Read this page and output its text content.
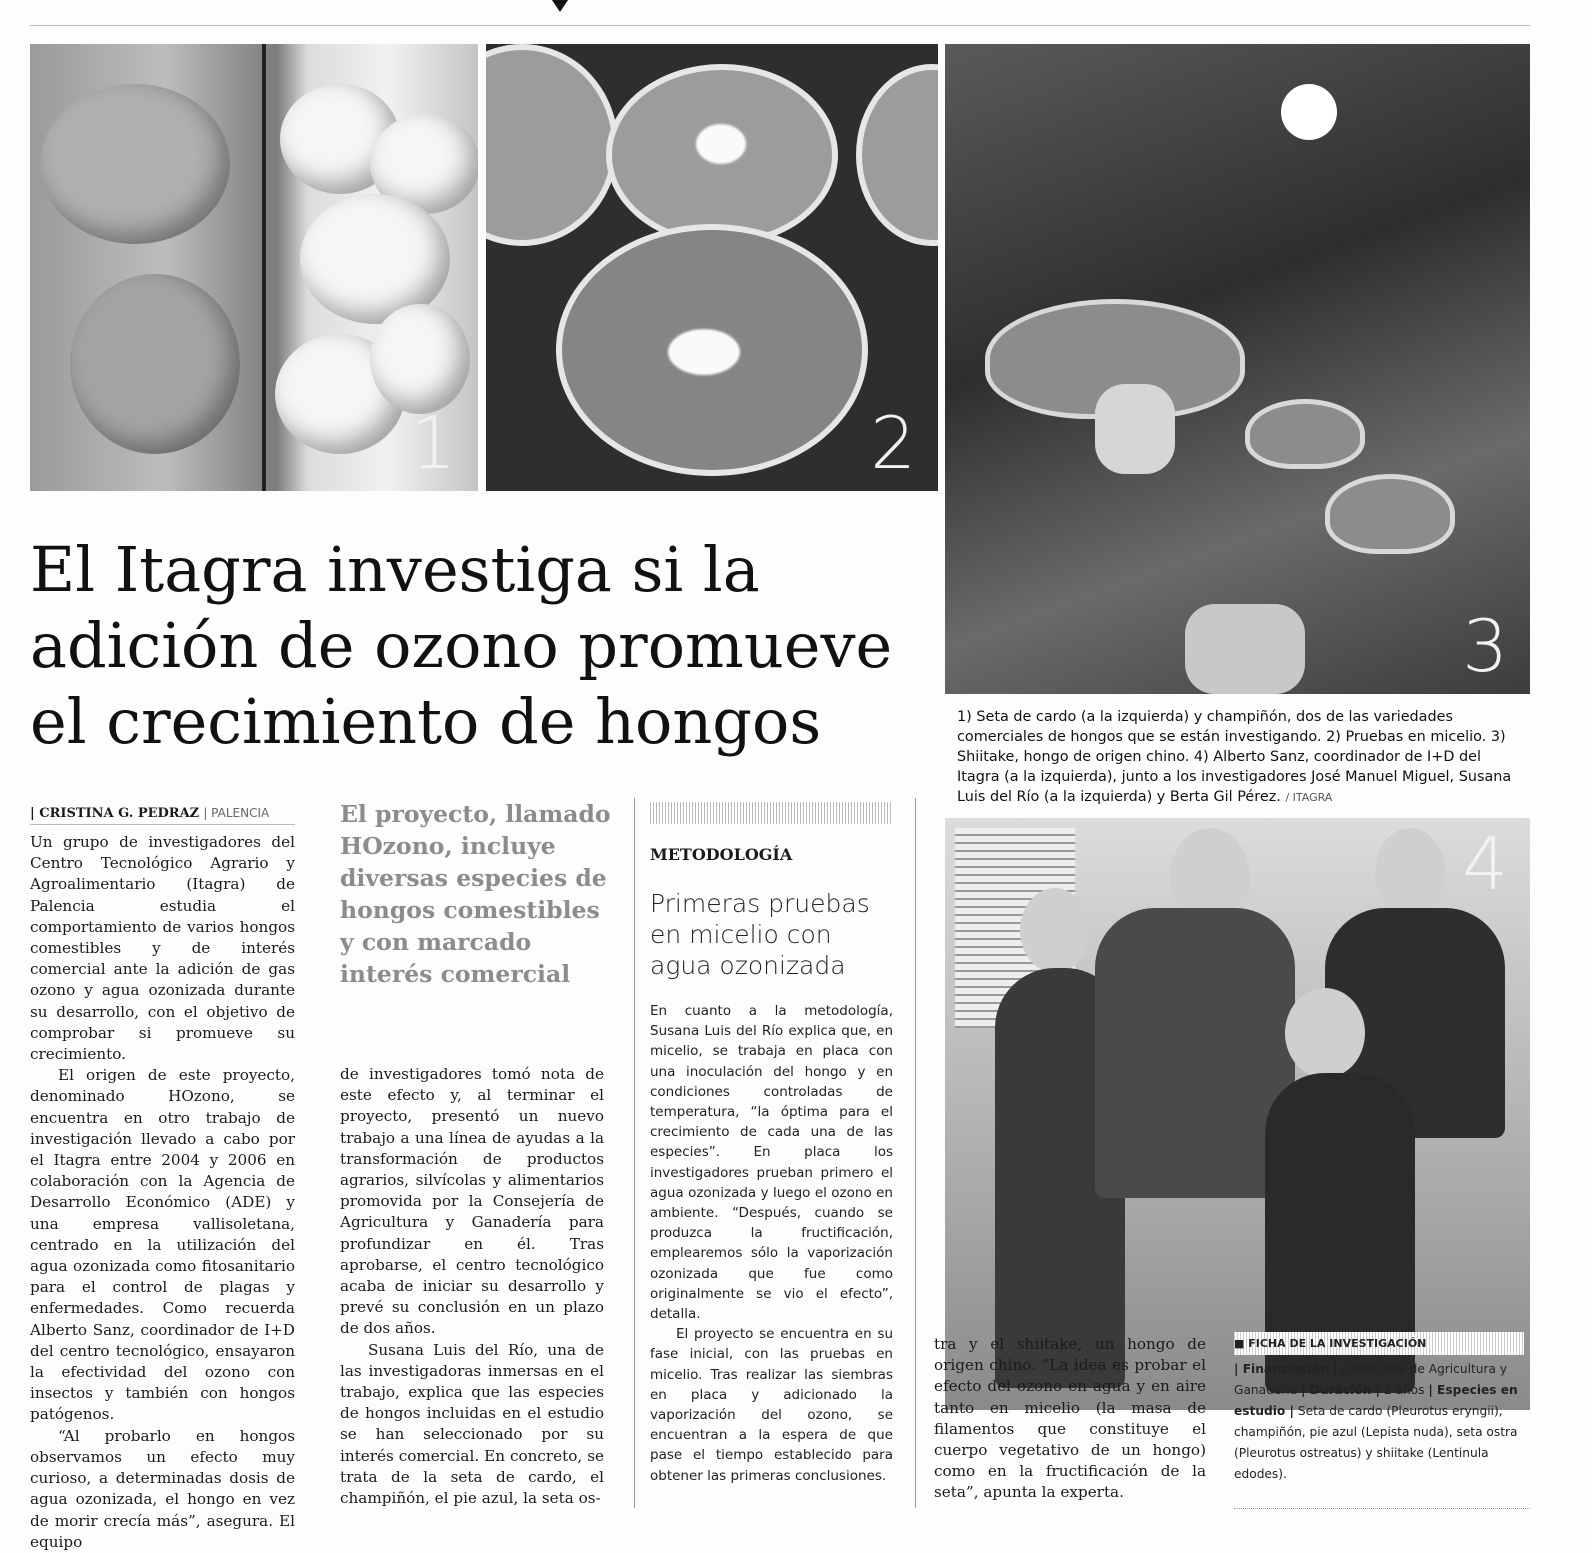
1	2
3
4
El Itagra investiga si la adición de ozono promueve el crecimiento de hongos	1) Seta de cardo (a la izquierda) y champiñón, dos de las variedades comerciales de hongos que se están investigando. 2) Pruebas en micelio. 3) Shiitake, hongo de origen chino. 4) Alberto Sanz, coordinador de I+D del Itagra (a la izquierda), junto a los investigadores José Manuel Miguel, Susana Luis del Río (a la izquierda) y Berta Gil Pérez. / ITAGRA
| CRISTINA G. PEDRAZ | PALENCIA

Un grupo de investigadores del Centro Tecnológico Agrario y Agroalimentario (Itagra) de Palencia estudia el comportamiento de varios hongos comestibles y de interés comercial ante la adición de gas ozono y agua ozonizada durante su desarrollo, con el objetivo de comprobar si promueve su crecimiento.

El origen de este proyecto, denominado HOzono, se encuentra en otro trabajo de investigación llevado a cabo por el Itagra entre 2004 y 2006 en colaboración con la Agencia de Desarrollo Económico (ADE) y una empresa vallisoletana, centrado en la utilización del agua ozonizada como fitosanitario para el control de plagas y enfermedades. Como recuerda Alberto Sanz, coordinador de I+D del centro tecnológico, ensayaron la efectividad del ozono con insectos y también con hongos patógenos.

“Al probarlo en hongos observamos un efecto muy curioso, a determinadas dosis de agua ozonizada, el hongo en vez de morir crecía más”, asegura. El equipo

El proyecto, llamado HOzono, incluye diversas especies de hongos comestibles y con marcado interés comercial

de investigadores tomó nota de este efecto y, al terminar el proyecto, presentó un nuevo trabajo a una línea de ayudas a la transformación de productos agrarios, silvícolas y alimentarios promovida por la Consejería de Agricultura y Ganadería para profundizar en él. Tras aprobarse, el centro tecnológico acaba de iniciar su desarrollo y prevé su conclusión en un plazo de dos años.

Susana Luis del Río, una de las investigadoras inmersas en el trabajo, explica que las especies de hongos incluidas en el estudio se han seleccionado por su interés comercial. En concreto, se trata de la seta de cardo, el champiñón, el pie azul, la seta os-

METODOLOGÍA
Primeras pruebas en micelio con agua ozonizada

En cuanto a la metodología, Susana Luis del Río explica que, en micelio, se trabaja en placa con una inoculación del hongo y en condiciones controladas de temperatura, “la óptima para el crecimiento de cada una de las especies”. En placa los investigadores prueban primero el agua ozonizada y luego el ozono en ambiente. “Después, cuando se produzca la fructificación, emplearemos sólo la vaporización ozonizada que fue como originalmente se vio el efecto”, detalla.

El proyecto se encuentra en su fase inicial, con las pruebas en micelio. Tras realizar las siembras en placa y adicionado la vaporización del ozono, se encuentran a la espera de que pase el tiempo establecido para obtener las primeras conclusiones.

tra y el shiitake, un hongo de origen chino. “La idea es probar el efecto del ozono en agua y en aire tanto en micelio (la masa de filamentos que constituye el cuerpo vegetativo de un hongo) como en la fructificación de la seta”, apunta la experta.

■ FICHA DE LA INVESTIGACIÓN
| Financiación | Consejería de Agricultura y Ganadería | Duración | 2 años | Especies en estudio | Seta de cardo (Pleurotus eryngii), champiñón, pie azul (Lepista nuda), seta ostra (Pleurotus ostreatus) y shiitake (Lentinula edodes).
